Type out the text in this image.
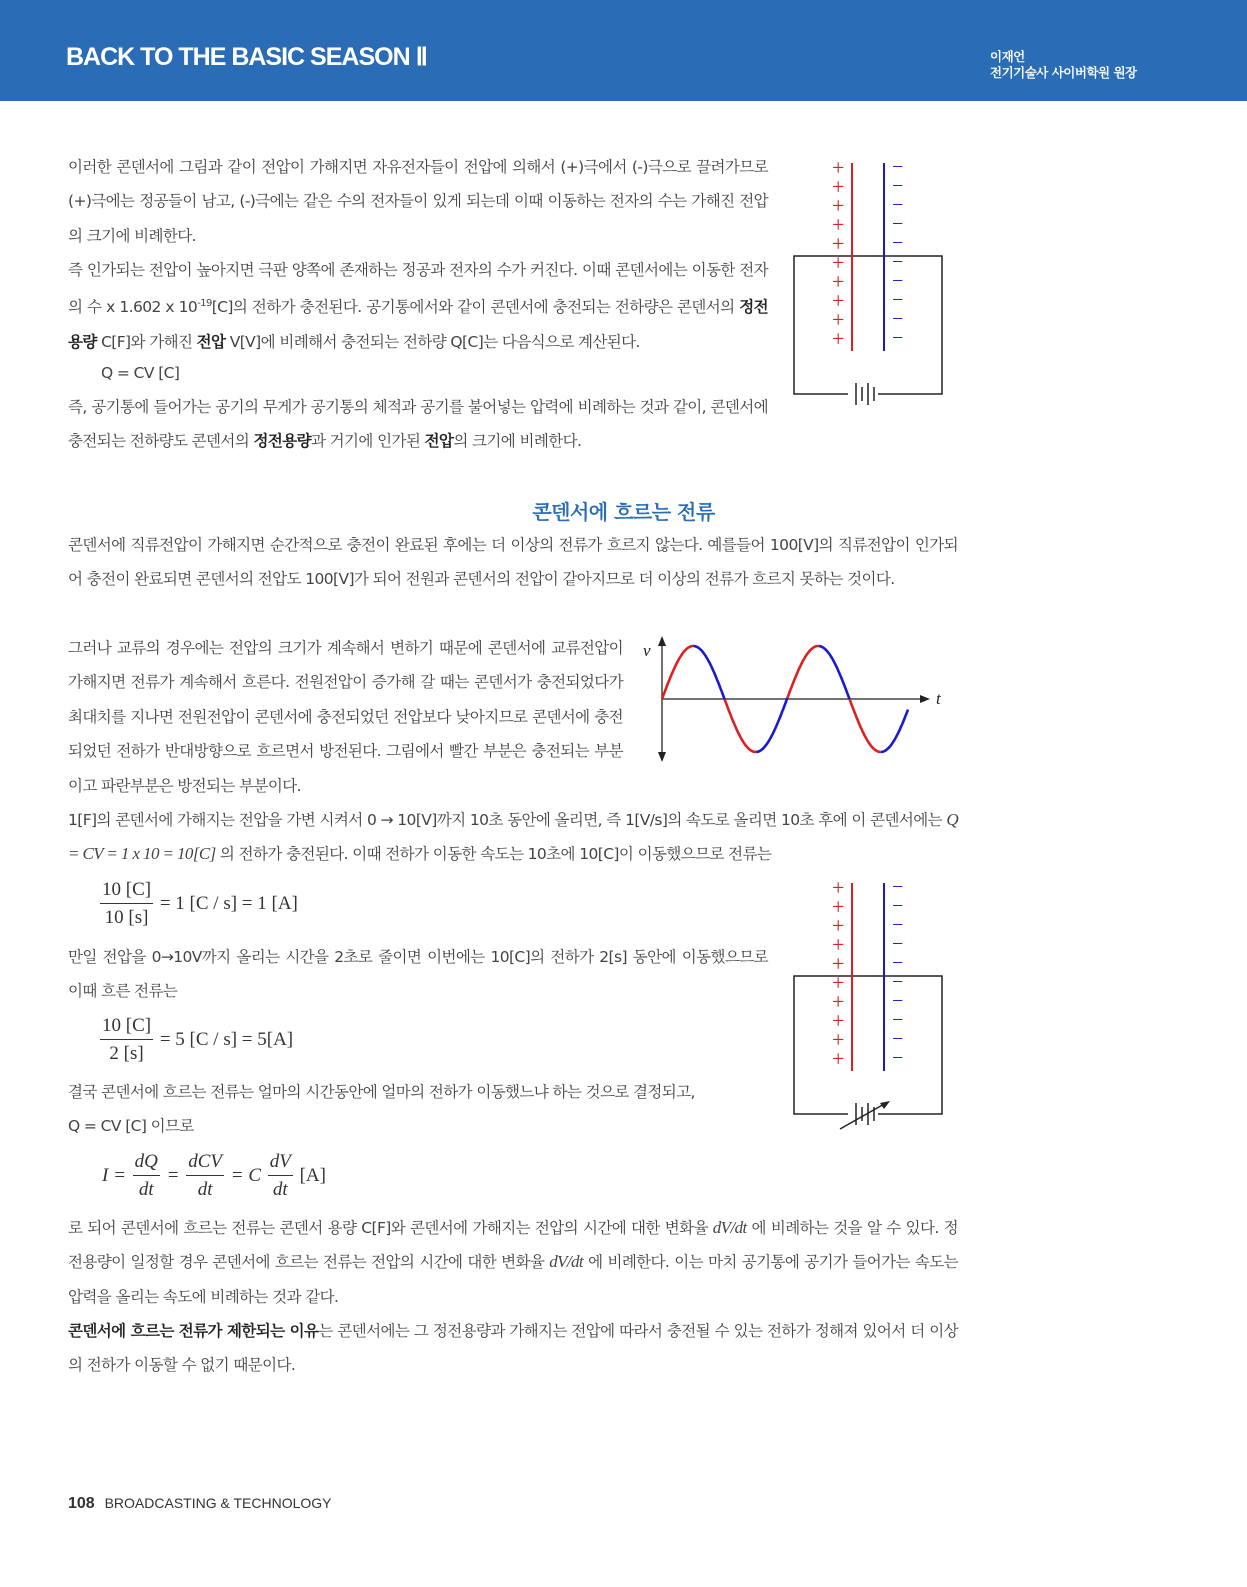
BACK TO THE BASIC SEASON Ⅱ	이재언
전기기술사 사이버학원 원장

이러한 콘덴서에 그림과 같이 전압이 가해지면 자유전자들이 전압에 의해서 (+)극에서 (-)극으로 끌려가므로 (+)극에는 정공들이 남고, (-)극에는 같은 수의 전자들이 있게 되는데 이때 이동하는 전자의 수는 가해진 전압의 크기에 비례한다.

즉 인가되는 전압이 높아지면 극판 양쪽에 존재하는 정공과 전자의 수가 커진다. 이때 콘덴서에는 이동한 전자의 수 x 1.602 x $10^{-19}[C]$의 전하가 충전된다. 공기통에서와 같이 콘덴서에 충전되는 전하량은 콘덴서의 정전용량 C[F]와 가해진 전압 V[V]에 비례해서 충전되는 전하량 Q[C]는 다음식으로 계산된다.

Q = CV [C]

즉, 공기통에 들어가는 공기의 무게가 공기통의 체적과 공기를 불어넣는 압력에 비례하는 것과 같이, 콘덴서에 충전되는 전하량도 콘덴서의 정전용량과 거기에 인가된 전압의 크기에 비례한다.

+
+
+
+
+
+
+
+
+
+
−
−
−
−
−
−
−
−
−
−
콘덴서에 흐르는 전류

콘덴서에 직류전압이 가해지면 순간적으로 충전이 완료된 후에는 더 이상의 전류가 흐르지 않는다. 예를들어 100[V]의 직류전압이 인가되어 충전이 완료되면 콘덴서의 전압도 100[V]가 되어 전원과 콘덴서의 전압이 같아지므로 더 이상의 전류가 흐르지 못하는 것이다.

그러나 교류의 경우에는 전압의 크기가 계속해서 변하기 때문에 콘덴서에 교류전압이 가해지면 전류가 계속해서 흐른다. 전원전압이 증가해 갈 때는 콘덴서가 충전되었다가 최대치를 지나면 전원전압이 콘덴서에 충전되었던 전압보다 낮아지므로 콘덴서에 충전되었던 전하가 반대방향으로 흐르면서 방전된다. 그림에서 빨간 부분은 충전되는 부분이고 파란부분은 방전되는 부분이다.

v
t

1[F]의 콘덴서에 가해지는 전압을 가변 시켜서 0 → 10[V]까지 10초 동안에 올리면, 즉 1[V/s]의 속도로 올리면 10초 후에 이 콘덴서에는 Q = CV = 1 x 10 = 10[C] 의 전하가 충전된다. 이때 전하가 이동한 속도는 10초에 10[C]이 이동했으므로 전류는

$\frac{10 [C]}{10 [s]} = 1$ [C / s] = 1 [A]

만일 전압을 0→10V까지 올리는 시간을 2초로 줄이면 이번에는 10[C]의 전하가 2[s] 동안에 이동했으므로 이때 흐른 전류는

$\frac{10 [C]}{2 [s]} = 5$ [C / s] = 5[A]
+
+
+
+
+
+
+
+
+
+
−
−
−
−
−
−
−
−
−
−

결국 콘덴서에 흐르는 전류는 얼마의 시간동안에 얼마의 전하가 이동했느냐 하는 것으로 결정되고,

Q = CV [C] 이므로

$I = \frac{dQ}{dt} = \frac{\text{dCV}}{dt} = C \frac{dV}{dt} [A]$

로 되어 콘덴서에 흐르는 전류는 콘덴서 용량 C[F]와 콘덴서에 가해지는 전압의 시간에 대한 변화율 dV/dt 에 비례하는 것을 알 수 있다. 정전용량이 일정할 경우 콘덴서에 흐르는 전류는 전압의 시간에 대한 변화율 dV/dt 에 비례한다. 이는 마치 공기통에 공기가 들어가는 속도는 압력을 올리는 속도에 비례하는 것과 같다.

콘덴서에 흐르는 전류가 제한되는 이유는 콘덴서에는 그 정전용량과 가해지는 전압에 따라서 충전될 수 있는 전하가 정해져 있어서 더 이상의 전하가 이동할 수 없기 때문이다.

108 BROADCASTING & TECHNOLOGY
